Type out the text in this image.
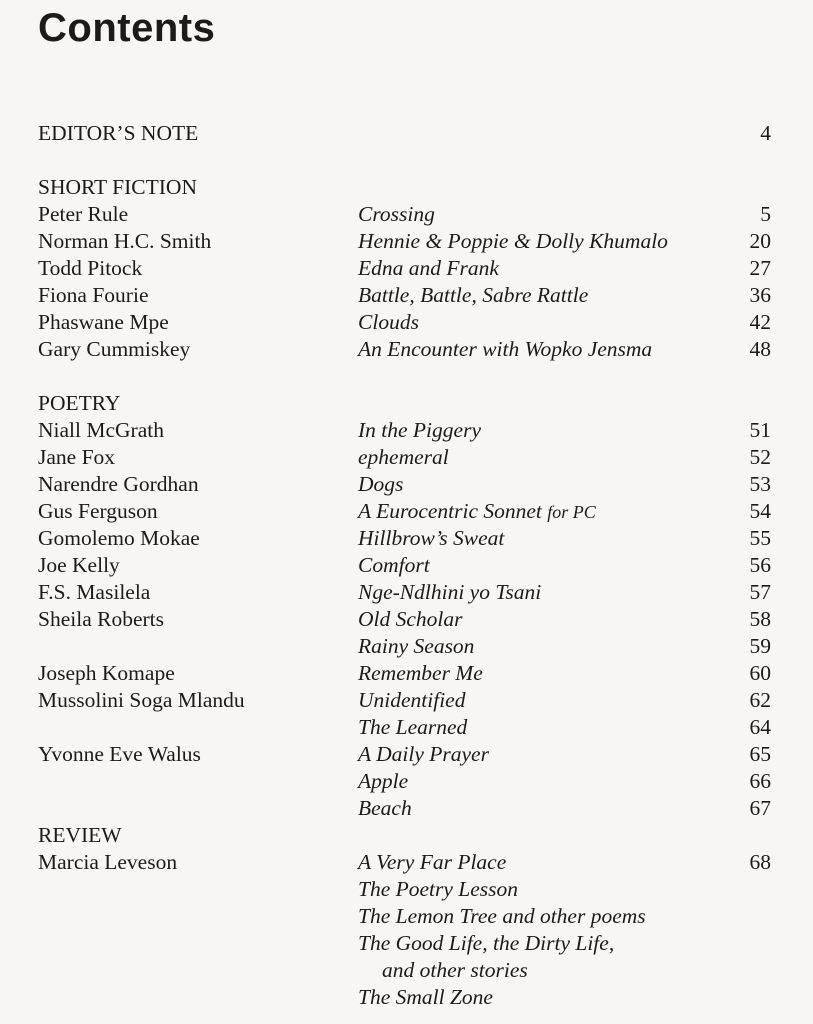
Contents
EDITOR’S NOTE	4
SHORT FICTION
Peter Rule	Crossing	5
Norman H.C. Smith	Hennie & Poppie & Dolly Khumalo	20
Todd Pitock	Edna and Frank	27
Fiona Fourie	Battle, Battle, Sabre Rattle	36
Phaswane Mpe	Clouds	42
Gary Cummiskey	An Encounter with Wopko Jensma	48
POETRY
Niall McGrath	In the Piggery	51
Jane Fox	ephemeral	52
Narendre Gordhan	Dogs	53
Gus Ferguson	A Eurocentric Sonnet for PC	54
Gomolemo Mokae	Hillbrow’s Sweat	55
Joe Kelly	Comfort	56
F.S. Masilela	Nge-Ndlhini yo Tsani	57
Sheila Roberts	Old Scholar	58
Rainy Season	59
Joseph Komape	Remember Me	60
Mussolini Soga Mlandu	Unidentified	62
The Learned	64
Yvonne Eve Walus	A Daily Prayer	65
Apple	66
Beach	67
REVIEW
Marcia Leveson	A Very Far Place	68
The Poetry Lesson
The Lemon Tree and other poems
The Good Life, the Dirty Life,
and other stories
The Small Zone
